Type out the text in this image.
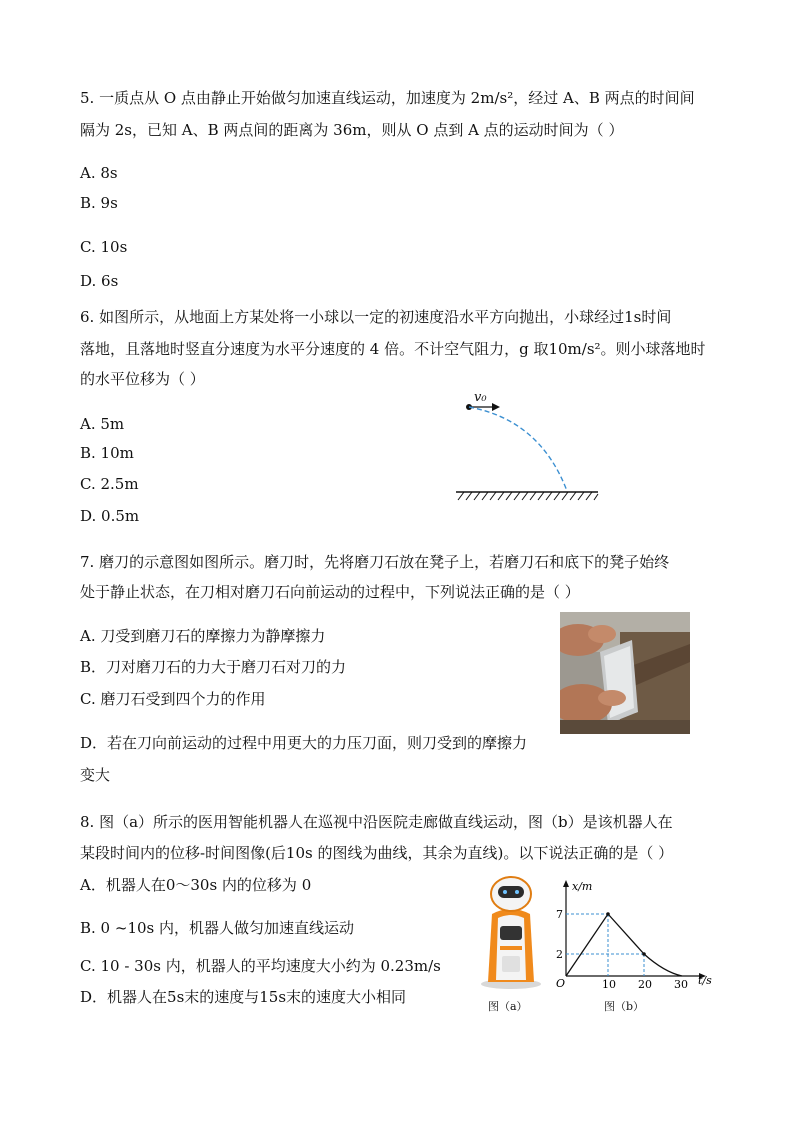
5. 一质点从 O 点由静止开始做匀加速直线运动，加速度为 2m/s²，经过 A、B 两点的时间间
隔为 2s，已知 A、B 两点间的距离为 36m，则从 O 点到 A 点的运动时间为（ ）
A. 8s
B. 9s
C. 10s
D. 6s
6. 如图所示，从地面上方某处将一小球以一定的初速度沿水平方向抛出，小球经过1s时间
落地，且落地时竖直分速度为水平分速度的 4 倍。不计空气阻力，g 取10m/s²。则小球落地时
的水平位移为（ ）
A. 5m
B. 10m
C. 2.5m
D. 0.5m
v₀
7. 磨刀的示意图如图所示。磨刀时，先将磨刀石放在凳子上，若磨刀石和底下的凳子始终
处于静止状态，在刀相对磨刀石向前运动的过程中，下列说法正确的是（ ）
A. 刀受到磨刀石的摩擦力为静摩擦力
B．刀对磨刀石的力大于磨刀石对刀的力
C. 磨刀石受到四个力的作用
D．若在刀向前运动的过程中用更大的力压刀面，则刀受到的摩擦力
变大
8. 图（a）所示的医用智能机器人在巡视中沿医院走廊做直线运动，图（b）是该机器人在
某段时间内的位移-时间图像(后10s 的图线为曲线，其余为直线)。以下说法正确的是（ ）
A．机器人在0～30s 内的位移为 0
B. 0 ~10s 内，机器人做匀加速直线运动
C. 10 - 30s 内，机器人的平均速度大小约为 0.23m/s
D．机器人在5s末的速度与15s末的速度大小相同
x/m
t/s
O	10 20 30
7
2
图（a）	图（b）
